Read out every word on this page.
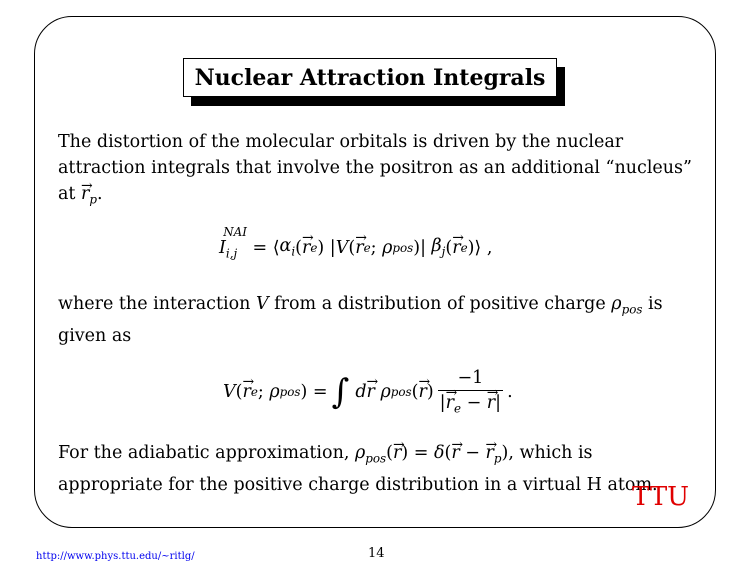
Nuclear Attraction Integrals
The distortion of the molecular orbitals is driven by the nuclear
attraction integrals that involve the positron as an additional “nucleus”
at → $r_p$.
$I_{i,j}^{NAI}$
= ⟨ $\alpha_i$ ( → r e ) | V ( → r e ; ρ pos )| $\beta_j$ ( → r e )⟩ ,
where the interaction V from a distribution of positive charge $\rho_{pos}$ is
given as
V ( → r e ; ρ pos ) = ∫ d→ r
ρ pos ( → r ) $\frac{-1}{|\to r_e - \to r|}$ .
For the adiabatic approximation, $\rho_{pos}(\to r) = \delta(\to r$ − → $r_p$), which is
appropriate for the positive charge distribution in a virtual H atom.
TTU
http://www.phys.ttu.edu/~ritlg/	14
